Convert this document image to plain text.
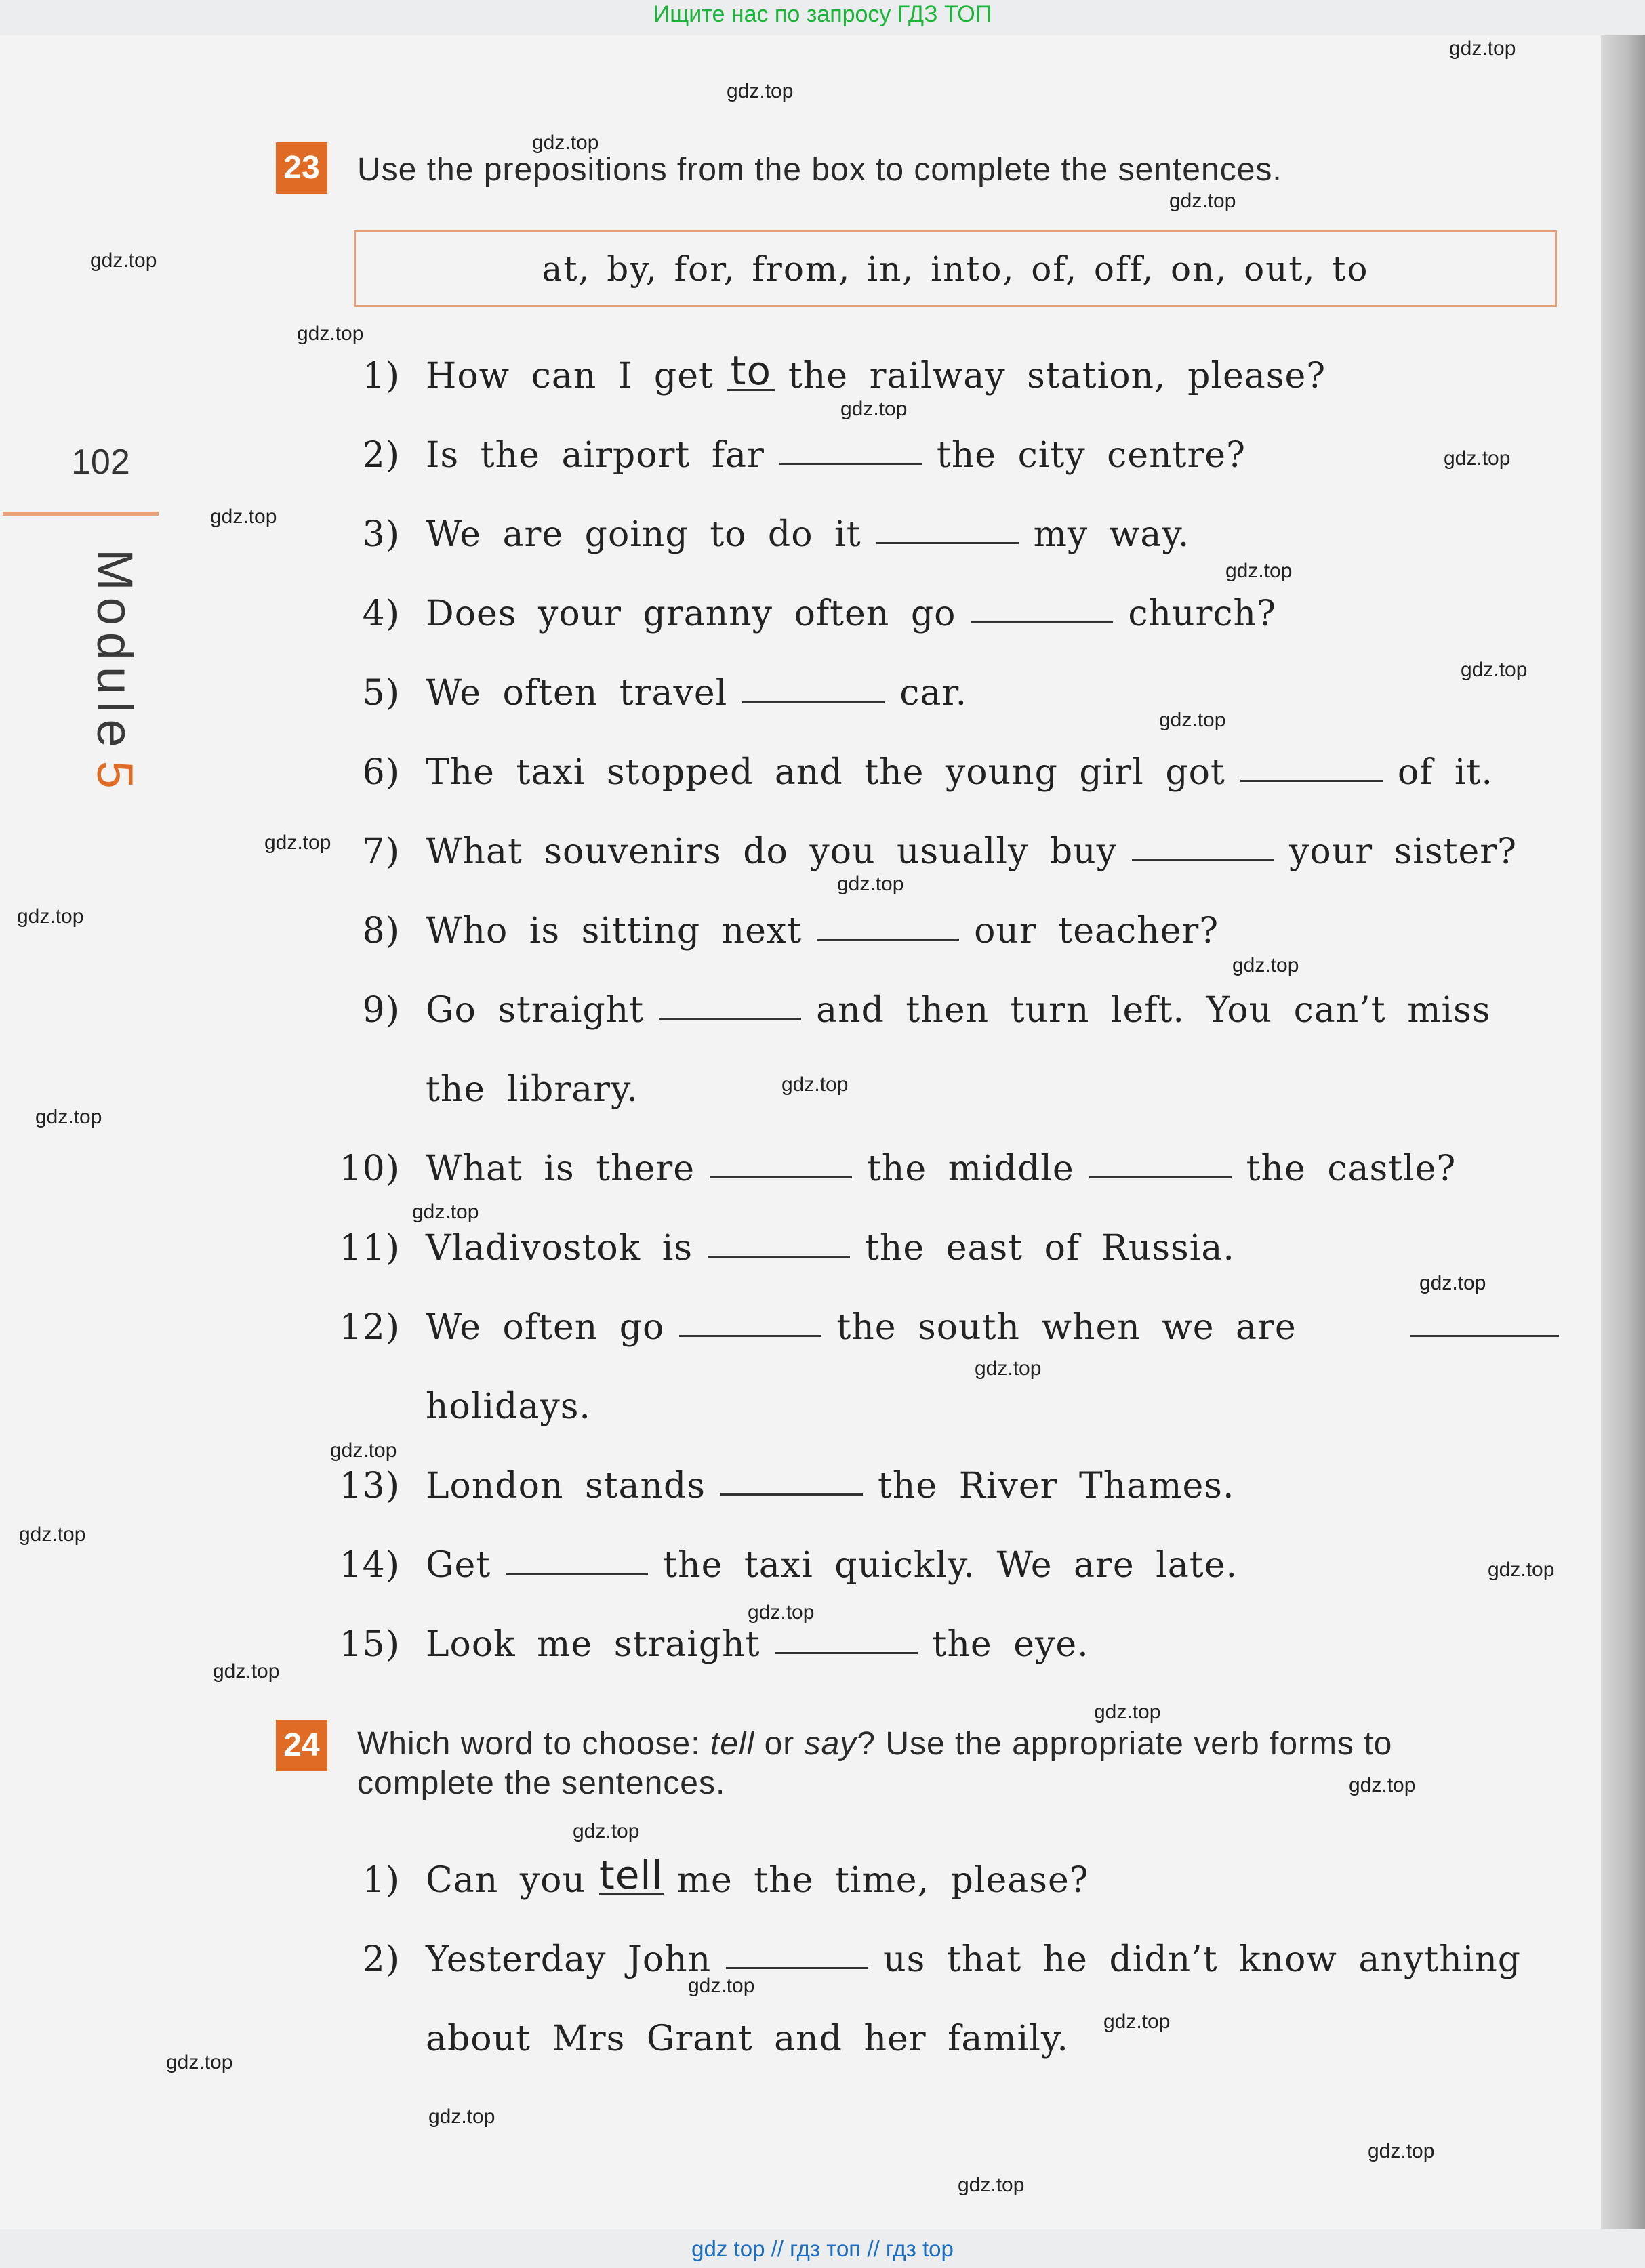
Ищите нас по запросу ГДЗ ТОП
gdz.top
gdz.top
gdz.top
gdz.top
gdz.top
gdz.top
gdz.top
gdz.top
gdz.top
gdz.top
gdz.top
gdz.top
gdz.top
gdz.top
gdz.top
gdz.top
gdz.top
gdz.top
gdz.top
gdz.top
gdz.top
gdz.top
gdz.top
gdz.top
gdz.top
gdz.top
gdz.top
gdz.top
gdz.top
gdz.top
gdz.top
gdz.top
gdz.top
gdz.top
gdz.top
102
Module5
23 Use the prepositions from the box to complete the sentences.
at, by, for, from, in, into, of, off, on, out, to
1) How can I get to the railway station, please?
2) Is the airport far	the city centre?
3) We are going to do it	my way.
4) Does your granny often go	church?
5) We often travel	car.
6) The taxi stopped and the young girl got	of it.
7) What souvenirs do you usually buy	your sister?
8) Who is sitting next	our teacher?
9) Go straight	and then turn left. You can’t miss
the library.
10) What is there	the middle	the castle?
11) Vladivostok is	the east of Russia.
12) We often go	the south when we are
holidays.
13) London stands	the River Thames.
14) Get	the taxi quickly. We are late.
15) Look me straight	the eye.
24 Which word to choose: tell or say? Use the appropriate verb forms to
complete the sentences.
1) Can you tell me the time, please?
2) Yesterday John	us that he didn’t know anything
about Mrs Grant and her family.
gdz top // гдз топ // гдз top
